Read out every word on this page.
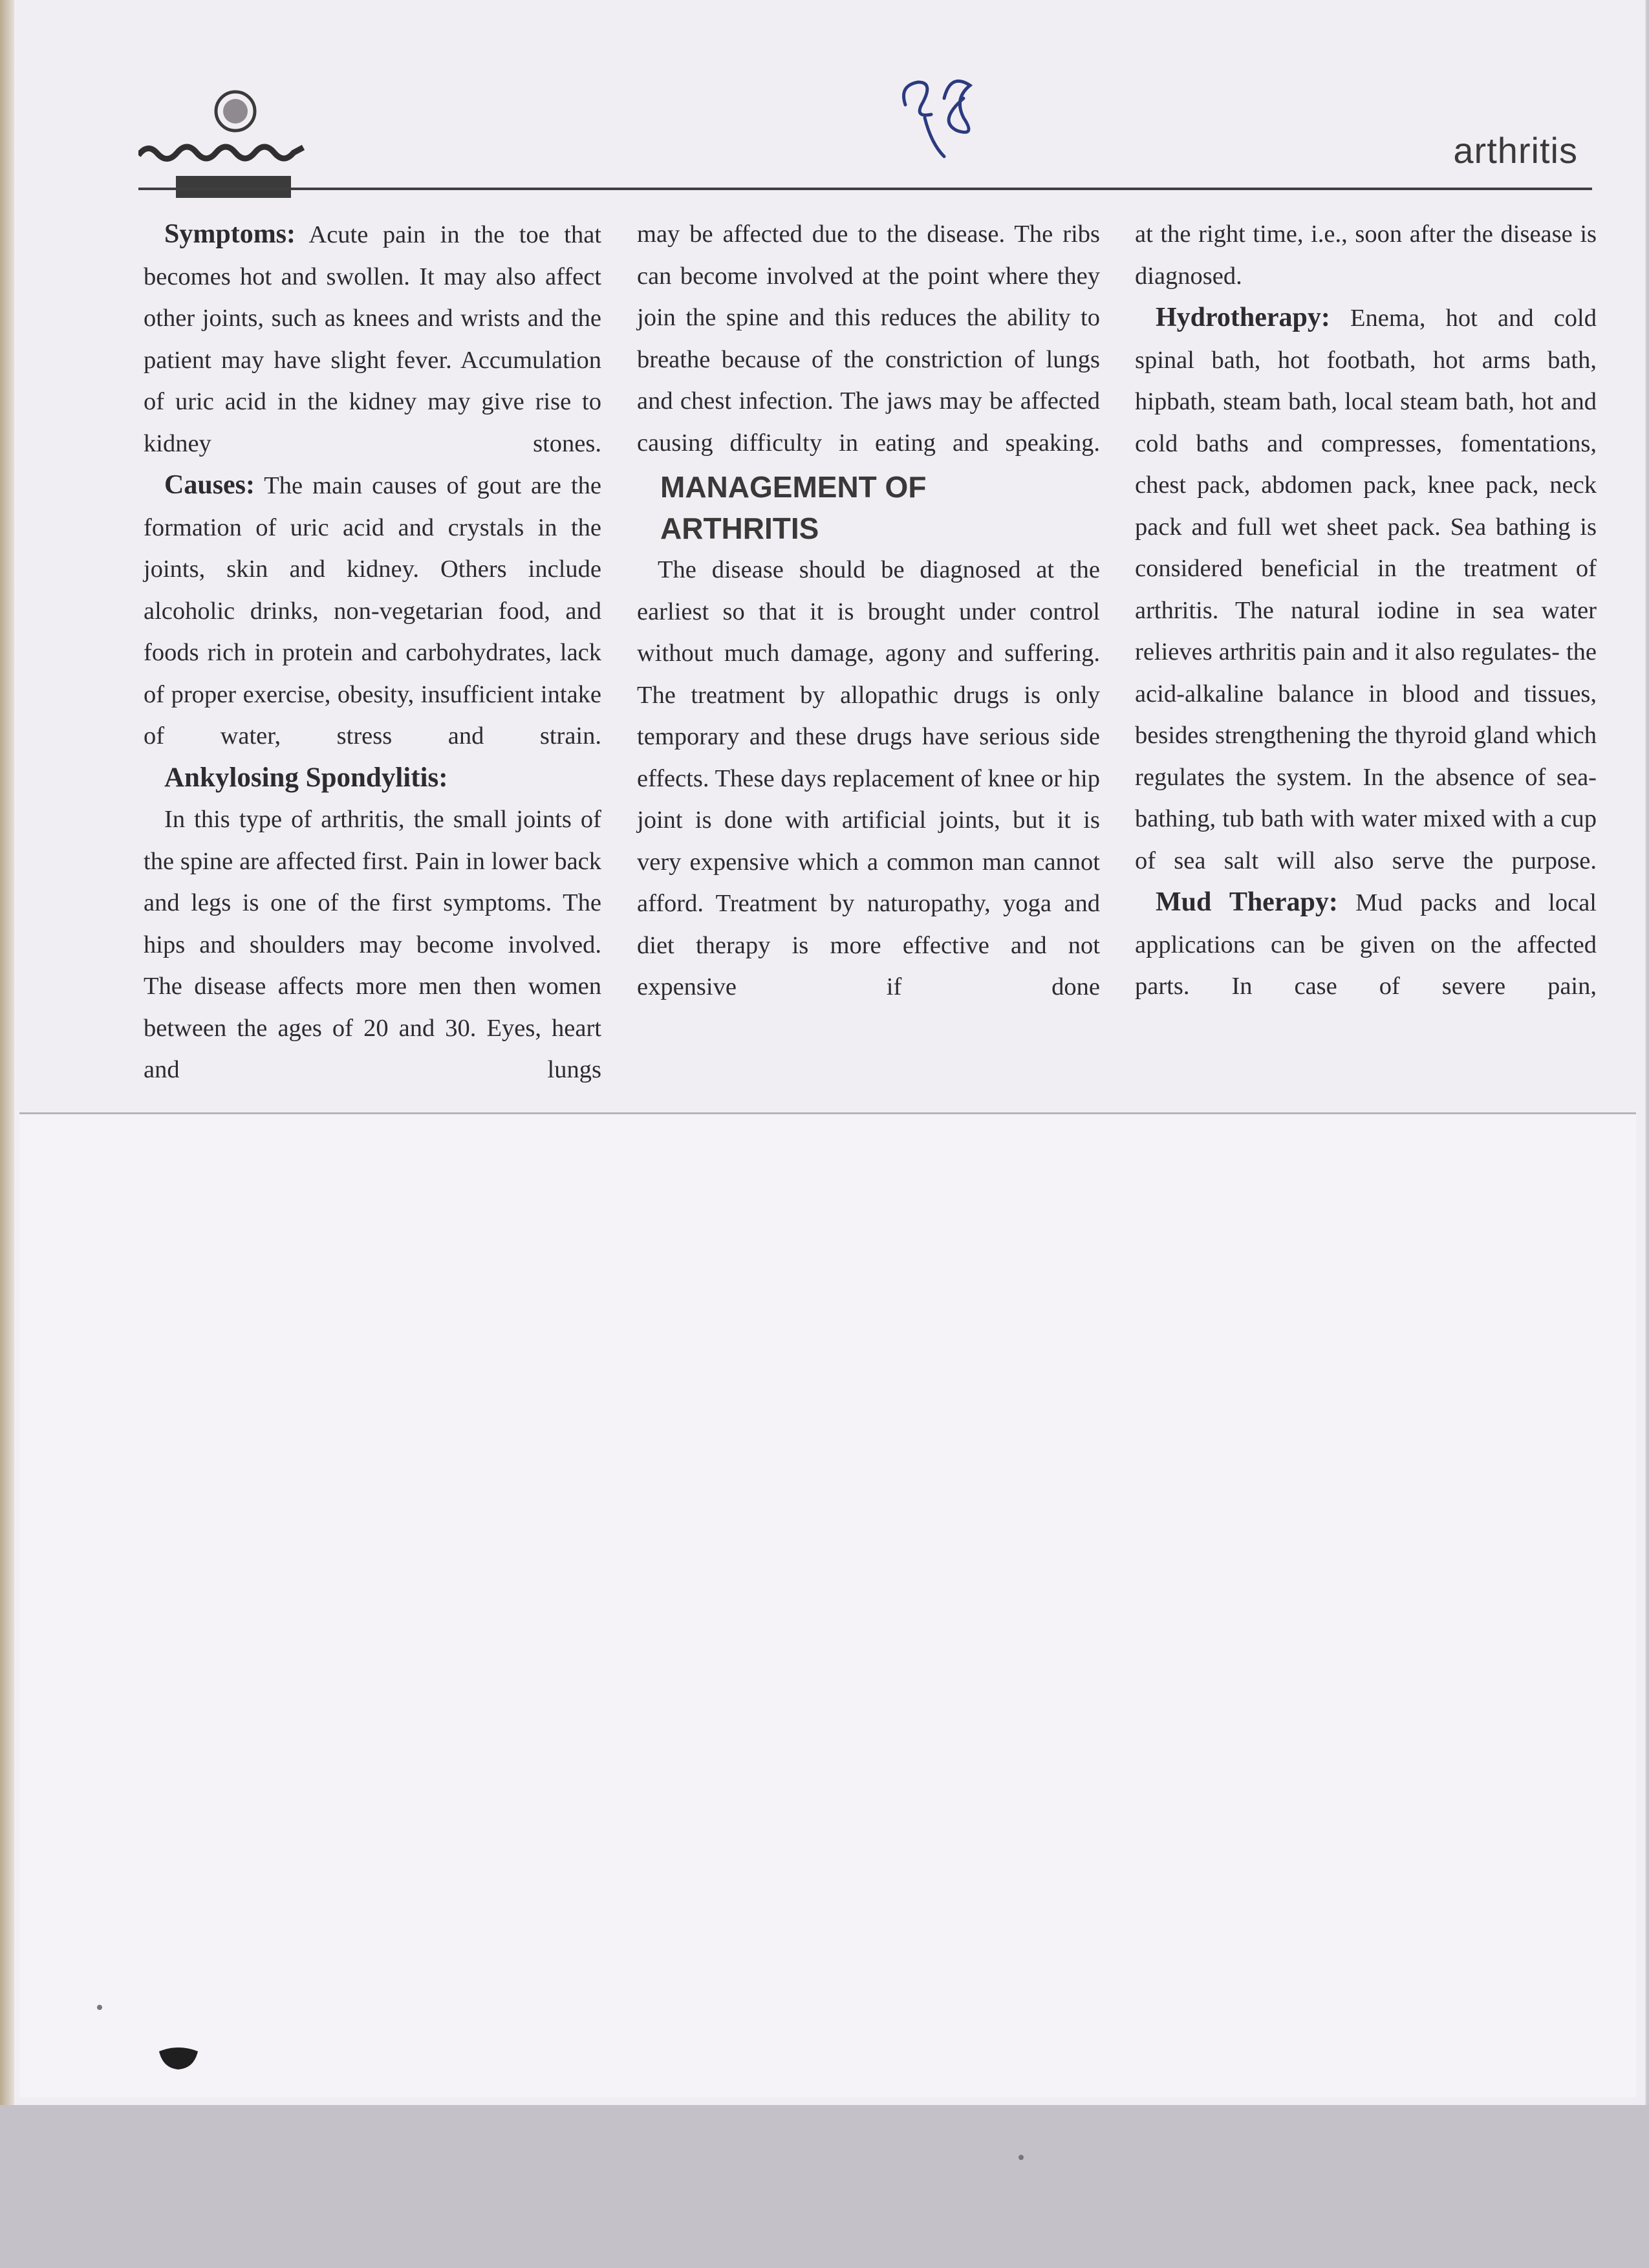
arthritis

Symptoms: Acute pain in the toe that becomes hot and swollen. It may also affect other joints, such as knees and wrists and the patient may have slight fever. Accumulation of uric acid in the kidney may give rise to kidney stones.

Causes: The main causes of gout are the formation of uric acid and crystals in the joints, skin and kidney. Others include alcoholic drinks, non-vegetarian food, and foods rich in protein and carbohydrates, lack of proper exercise, obesity, insufficient intake of water, stress and strain.

Ankylosing Spondylitis:

In this type of arthritis, the small joints of the spine are affected first. Pain in lower back and legs is one of the first symptoms. The hips and shoulders may become involved. The disease affects more men then women between the ages of 20 and 30. Eyes, heart and lungs

may be affected due to the disease. The ribs can become involved at the point where they join the spine and this reduces the ability to breathe because of the constriction of lungs and chest infection. The jaws may be affected causing difficulty in eating and speaking.

MANAGEMENT OF
ARTHRITIS

The disease should be diagnosed at the earliest so that it is brought under control without much damage, agony and suffering. The treatment by allopathic drugs is only temporary and these drugs have serious side effects. These days replacement of knee or hip joint is done with artificial joints, but it is very expensive which a common man cannot afford. Treatment by naturopathy, yoga and diet therapy is more effective and not expensive if done

at the right time, i.e., soon after the disease is diagnosed.

Hydrotherapy: Enema, hot and cold spinal bath, hot footbath, hot arms bath, hipbath, steam bath, local steam bath, hot and cold baths and compresses, fomentations, chest pack, abdomen pack, knee pack, neck pack and full wet sheet pack. Sea bathing is considered beneficial in the treatment of arthritis. The natural iodine in sea water relieves arthritis pain and it also regulates- the acid-alkaline balance in blood and tissues, besides strengthening the thyroid gland which regulates the system. In the absence of sea-bathing, tub bath with water mixed with a cup of sea salt will also serve the purpose.

Mud Therapy: Mud packs and local applications can be given on the affected parts. In case of severe pain,
